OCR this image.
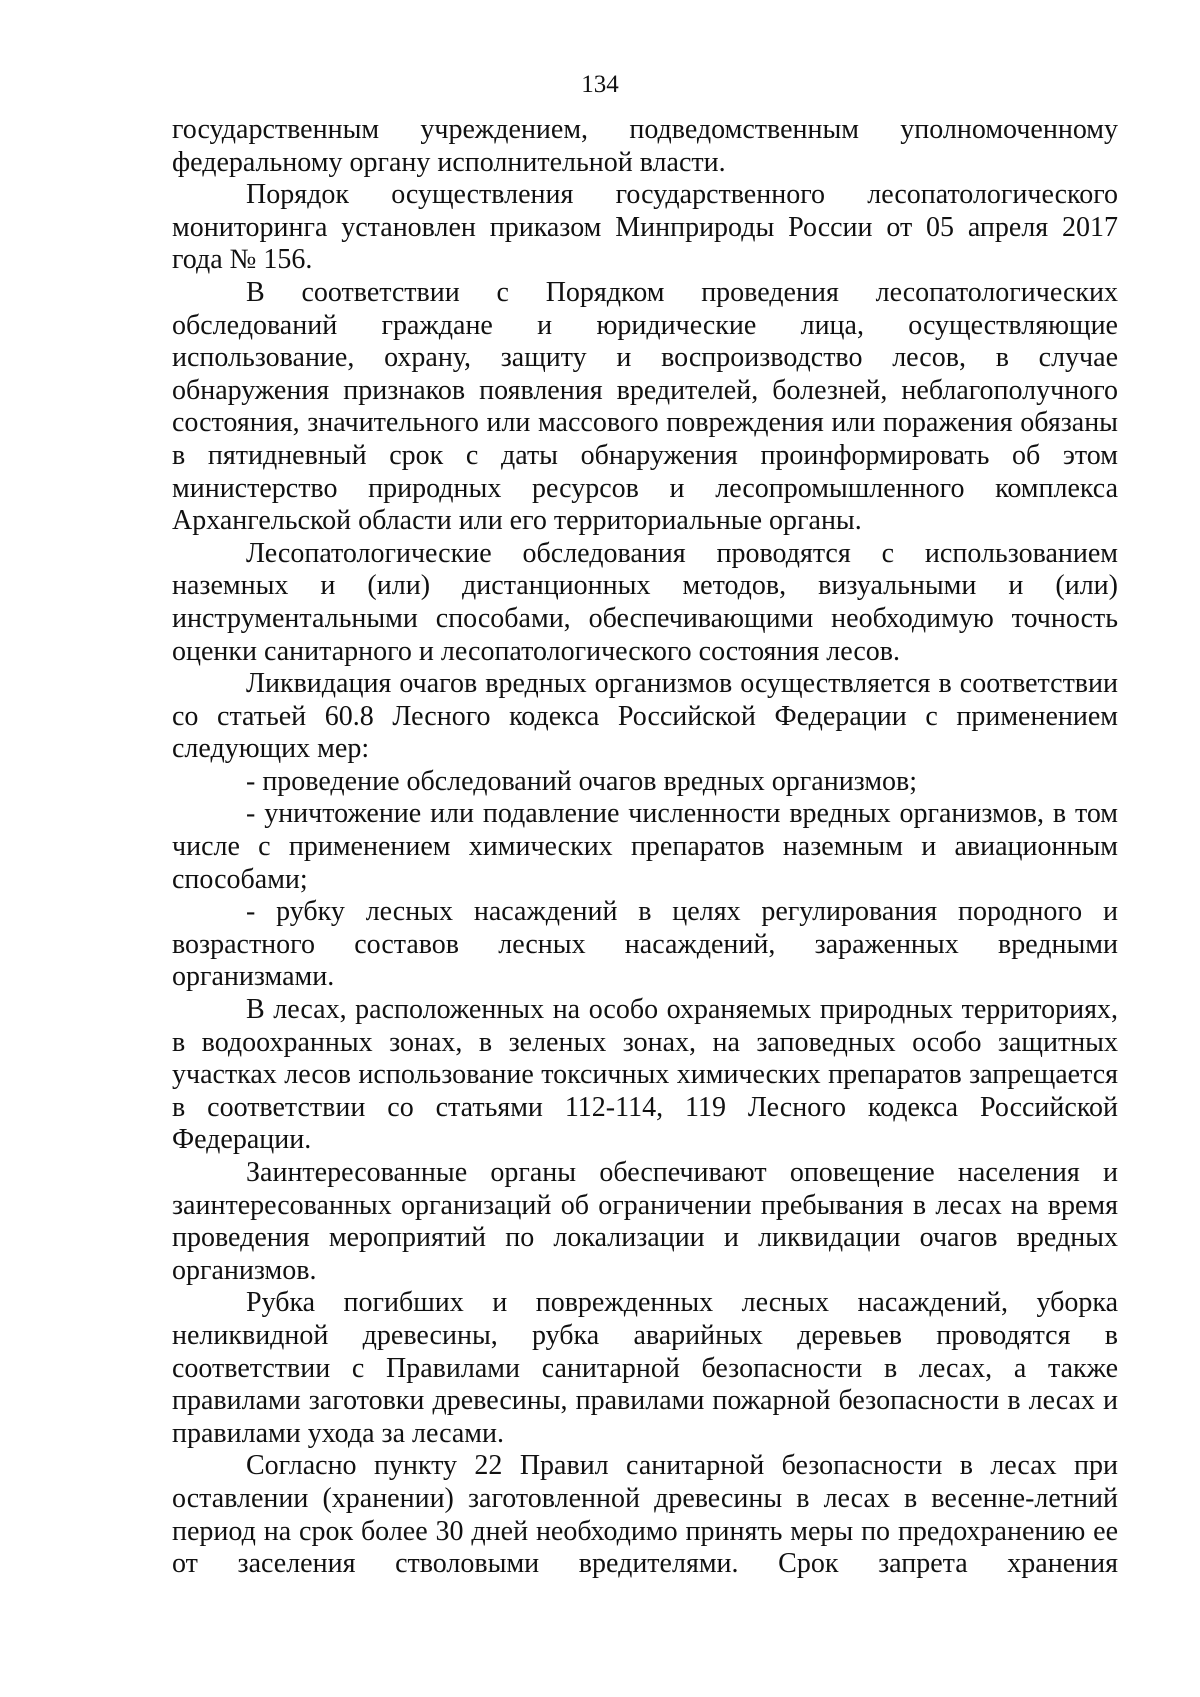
134

государственным учреждением, подведомственным уполномоченному федеральному органу исполнительной власти.

Порядок осуществления государственного лесопатологического мониторинга установлен приказом Минприроды России от 05 апреля 2017 года № 156.

В соответствии с Порядком проведения лесопатологических обследований граждане и юридические лица, осуществляющие использование, охрану, защиту и воспроизводство лесов, в случае обнаружения признаков появления вредителей, болезней, неблагополучного состояния, значительного или массового повреждения или поражения обязаны в пятидневный срок с даты обнаружения проинформировать об этом министерство природных ресурсов и лесопромышленного комплекса Архангельской области или его территориальные органы.

Лесопатологические обследования проводятся с использованием наземных и (или) дистанционных методов, визуальными и (или) инструментальными способами, обеспечивающими необходимую точность оценки санитарного и лесопатологического состояния лесов.

Ликвидация очагов вредных организмов осуществляется в соответствии со статьей 60.8 Лесного кодекса Российской Федерации с применением следующих мер:

- проведение обследований очагов вредных организмов;

- уничтожение или подавление численности вредных организмов, в том числе с применением химических препаратов наземным и авиационным способами;

- рубку лесных насаждений в целях регулирования породного и возрастного составов лесных насаждений, зараженных вредными организмами.

В лесах, расположенных на особо охраняемых природных территориях, в водоохранных зонах, в зеленых зонах, на заповедных особо защитных участках лесов использование токсичных химических препаратов запрещается в соответствии со статьями 112-114, 119 Лесного кодекса Российской Федерации.

Заинтересованные органы обеспечивают оповещение населения и заинтересованных организаций об ограничении пребывания в лесах на время проведения мероприятий по локализации и ликвидации очагов вредных организмов.

Рубка погибших и поврежденных лесных насаждений, уборка неликвидной древесины, рубка аварийных деревьев проводятся в соответствии с Правилами санитарной безопасности в лесах, а также правилами заготовки древесины, правилами пожарной безопасности в лесах и правилами ухода за лесами.

Согласно пункту 22 Правил санитарной безопасности в лесах при оставлении (хранении) заготовленной древесины в лесах в весенне-летний период на срок более 30 дней необходимо принять меры по предохранению ее от заселения стволовыми вредителями. Срок запрета хранения
